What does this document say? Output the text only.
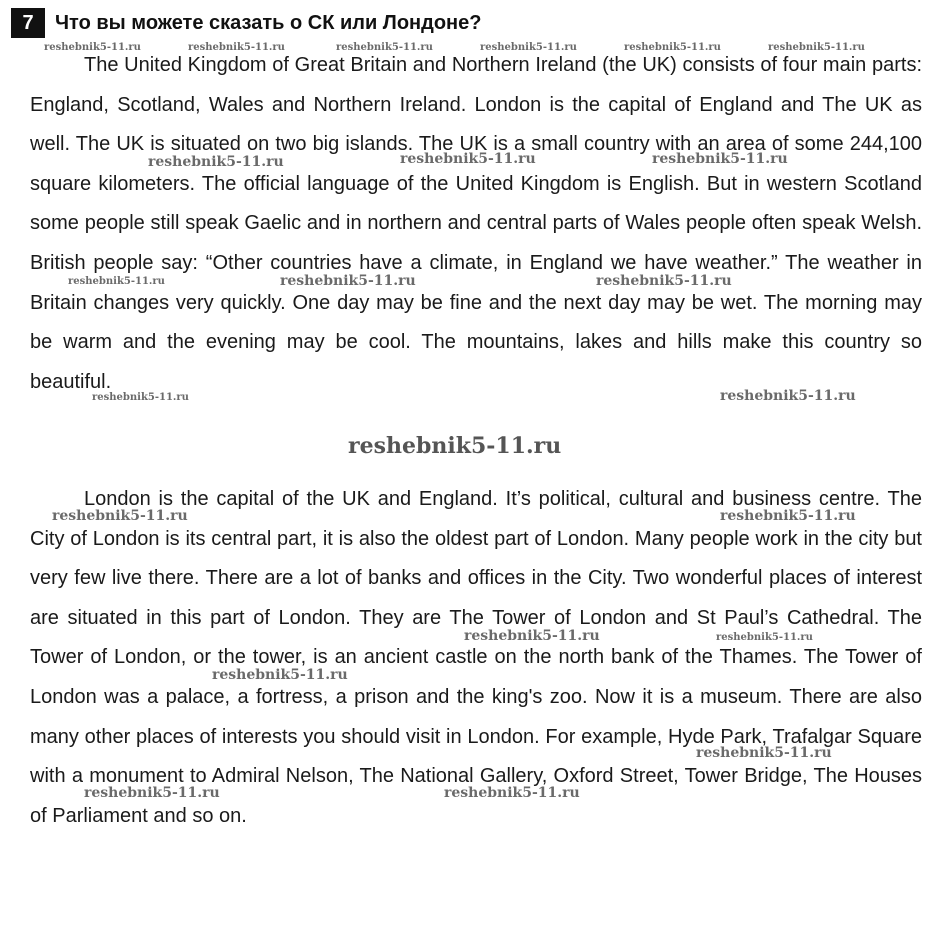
7	Что вы можете сказать о СК или Лондоне?

The United Kingdom of Great Britain and Northern Ireland (the UK) consists of four main parts: England, Scotland, Wales and Northern Ireland. London is the capital of England and The UK as well. The UK is situated on two big islands. The UK is a small country with an area of some 244,100 square kilometers. The official language of the United Kingdom is English. But in western Scotland some people still speak Gaelic and in northern and central parts of Wales people often speak Welsh. British people say: “Other countries have a climate, in England we have weather.” The weather in Britain changes very quickly. One day may be fine and the next day may be wet. The morning may be warm and the evening may be cool. The mountains, lakes and hills make this country so beautiful.

London is the capital of the UK and England. It’s political, cultural and business centre. The City of London is its central part, it is also the oldest part of London. Many people work in the city but very few live there. There are a lot of banks and offices in the City. Two wonderful places of interest are situated in this part of London. They are The Tower of London and St Paul’s Cathedral. The Tower of London, or the tower, is an ancient castle on the north bank of the Thames. The Tower of London was a palace, a fortress, a prison and the king's zoo. Now it is a museum. There are also many other places of interests you should visit in London. For example, Hyde Park, Trafalgar Square with a monument to Admiral Nelson, The National Gallery, Oxford Street, Tower Bridge, The Houses of Parliament and so on.

reshebnik5-11.ru	reshebnik5-11.ru	reshebnik5-11.ru	reshebnik5-11.ru	reshebnik5-11.ru	reshebnik5-11.ru
reshebnik5-11.ru	reshebnik5-11.ru	reshebnik5-11.ru
reshebnik5-11.ru	reshebnik5-11.ru	reshebnik5-11.ru
reshebnik5-11.ru	reshebnik5-11.ru
reshebnik5-11.ru
reshebnik5-11.ru	reshebnik5-11.ru
reshebnik5-11.ru	reshebnik5-11.ru
reshebnik5-11.ru
reshebnik5-11.ru
reshebnik5-11.ru	reshebnik5-11.ru
